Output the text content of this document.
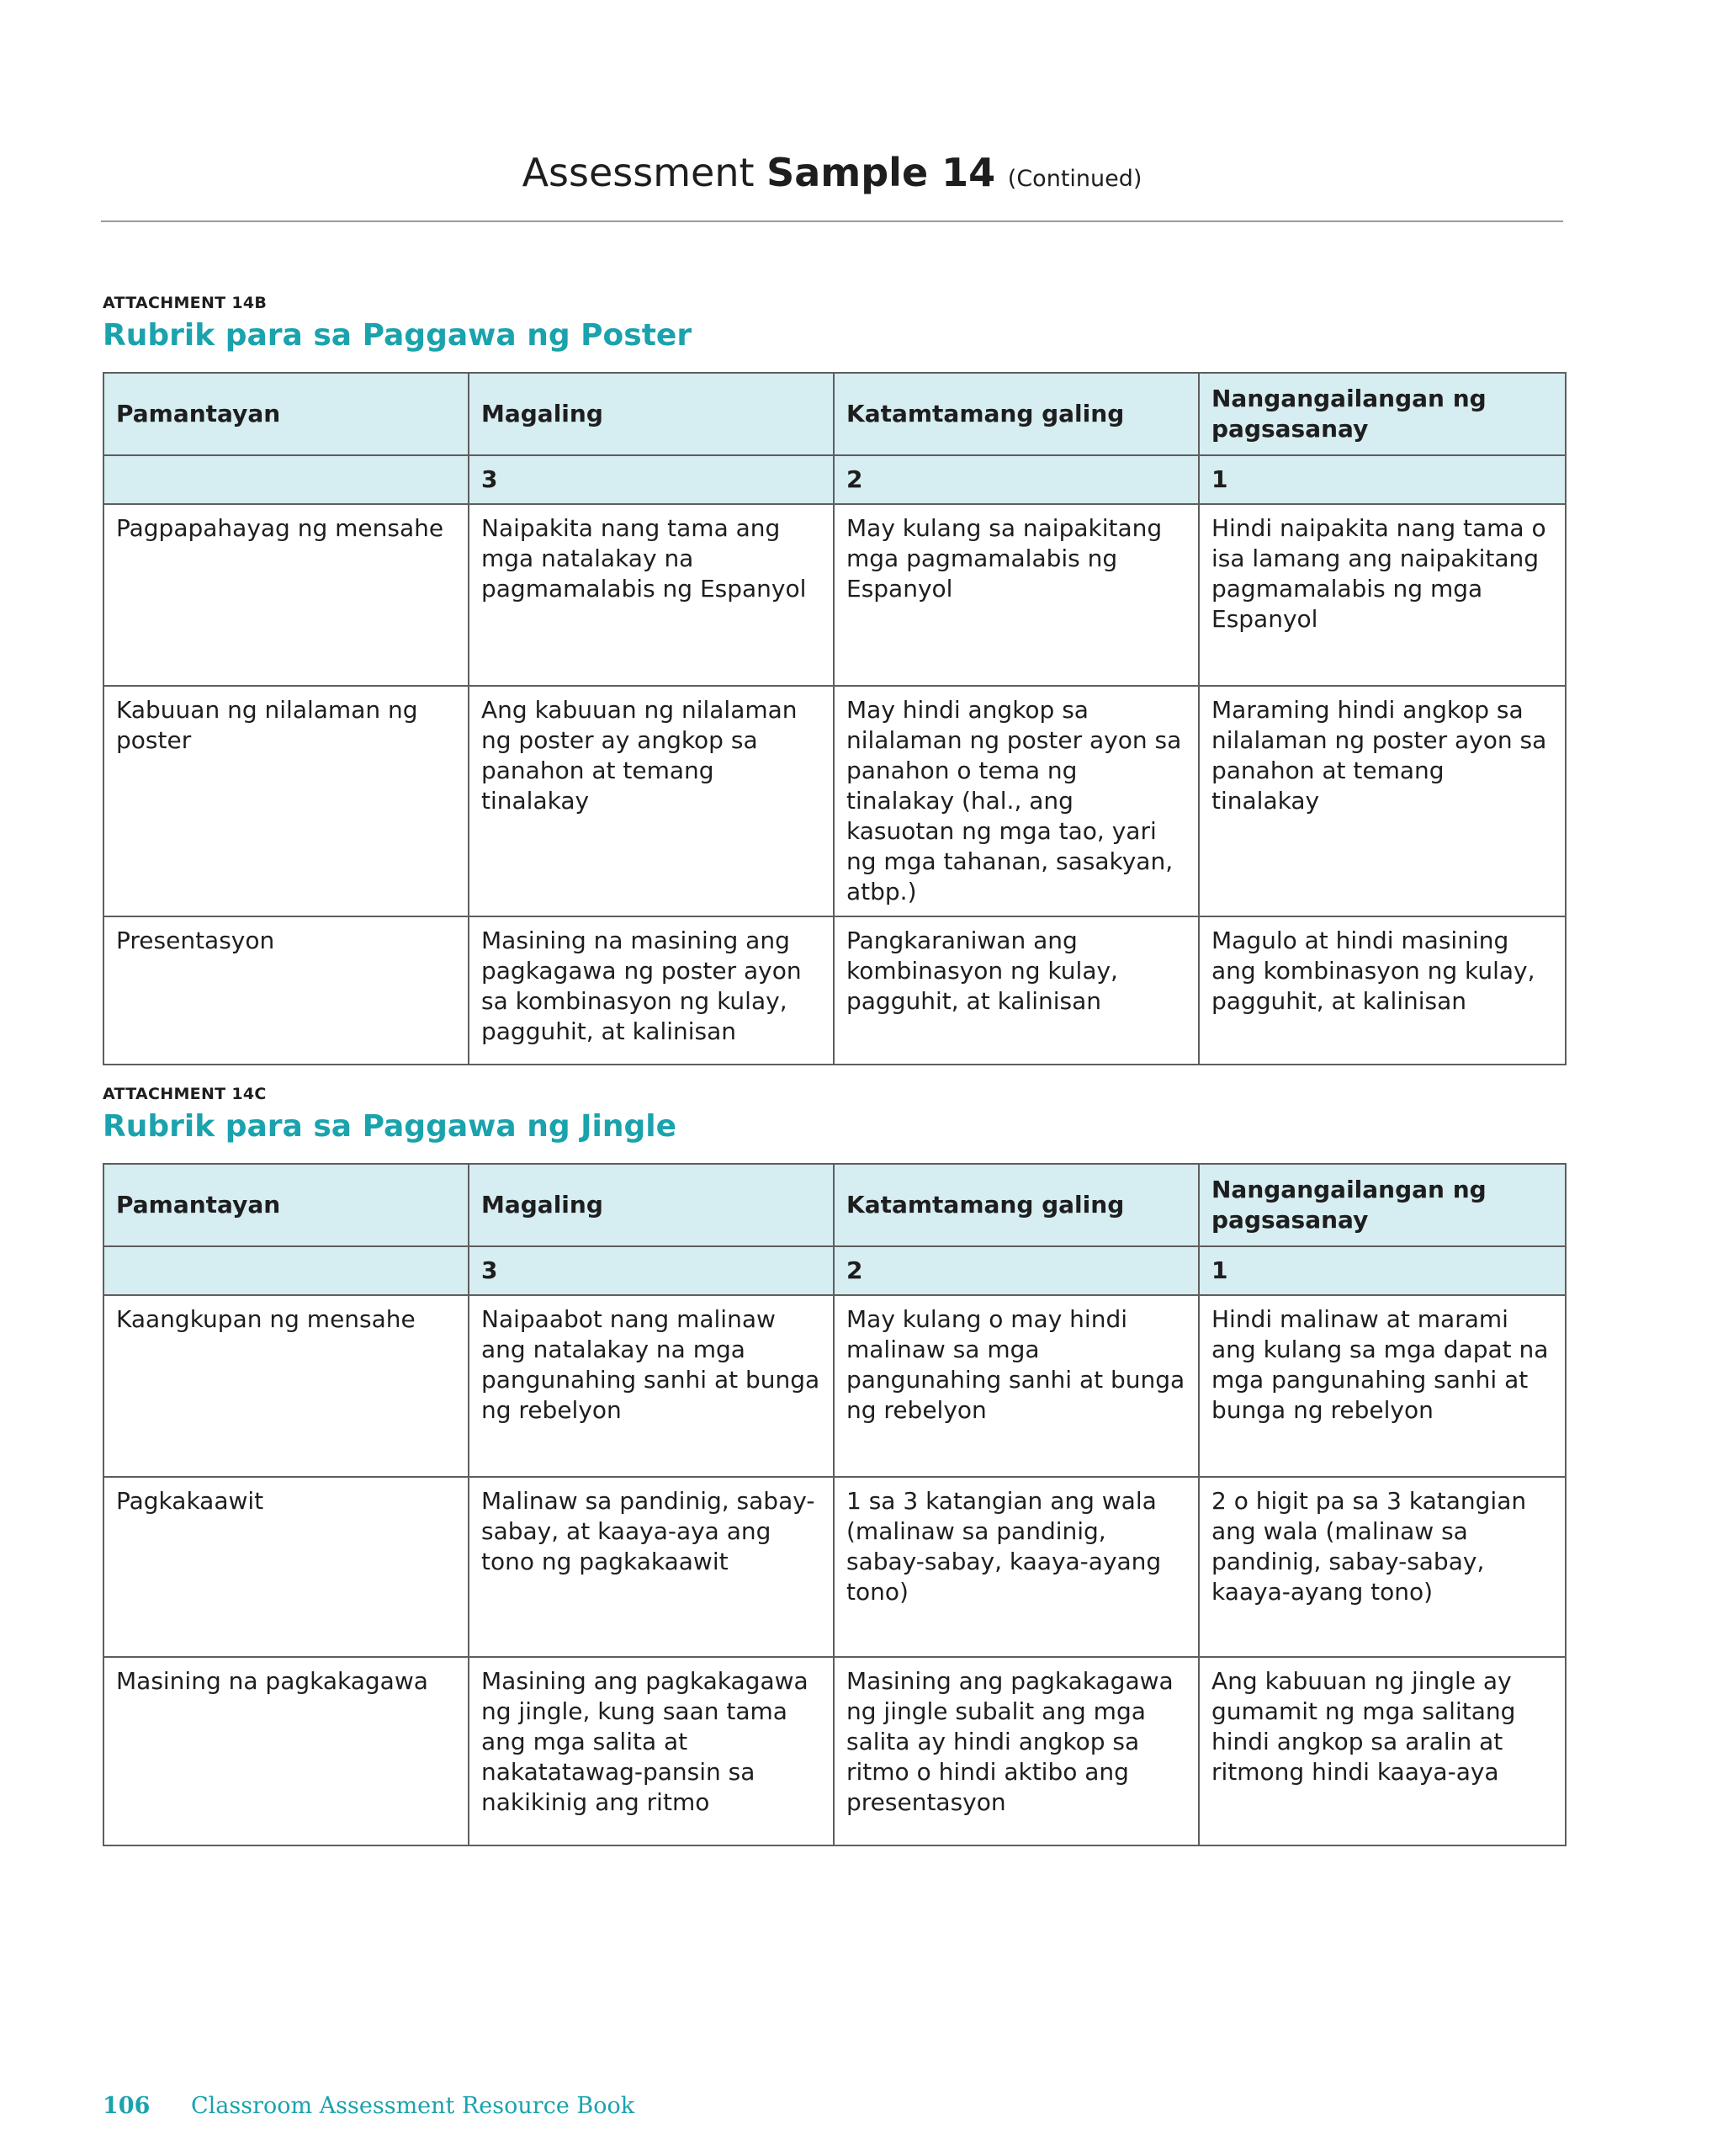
Assessment Sample 14 (Continued)
ATTACHMENT 14B
Rubrik para sa Paggawa ng Poster
Pamantayan	Magaling	Katamtamang galing	Nangangailangan ng pagsasanay
	3	2	1
Pagpapahayag ng mensahe	Naipakita nang tama ang mga natalakay na pagmamalabis ng Espanyol	May kulang sa naipakitang mga pagmamalabis ng Espanyol	Hindi naipakita nang tama o isa lamang ang naipakitang pagmamalabis ng mga Espanyol
Kabuuan ng nilalaman ng poster	Ang kabuuan ng nilalaman ng poster ay angkop sa panahon at temang tinalakay	May hindi angkop sa nilalaman ng poster ayon sa panahon o tema ng tinalakay (hal., ang kasuotan ng mga tao, yari ng mga tahanan, sasakyan, atbp.)	Maraming hindi angkop sa nilalaman ng poster ayon sa panahon at temang tinalakay
Presentasyon	Masining na masining ang pagkagawa ng poster ayon sa kombinasyon ng kulay, pagguhit, at kalinisan	Pangkaraniwan ang kombinasyon ng kulay, pagguhit, at kalinisan	Magulo at hindi masining ang kombinasyon ng kulay, pagguhit, at kalinisan
ATTACHMENT 14C
Rubrik para sa Paggawa ng Jingle
Pamantayan	Magaling	Katamtamang galing	Nangangailangan ng pagsasanay
	3	2	1
Kaangkupan ng mensahe	Naipaabot nang malinaw ang natalakay na mga pangunahing sanhi at bunga ng rebelyon	May kulang o may hindi malinaw sa mga pangunahing sanhi at bunga ng rebelyon	Hindi malinaw at marami ang kulang sa mga dapat na mga pangunahing sanhi at bunga ng rebelyon
Pagkakaawit	Malinaw sa pandinig, sabay-sabay, at kaaya-aya ang tono ng pagkakaawit	1 sa 3 katangian ang wala (malinaw sa pandinig, sabay-sabay, kaaya-ayang tono)	2 o higit pa sa 3 katangian ang wala (malinaw sa pandinig, sabay-sabay, kaaya-ayang tono)
Masining na pagkakagawa	Masining ang pagkakagawa ng jingle, kung saan tama ang mga salita at nakatatawag-pansin sa nakikinig ang ritmo	Masining ang pagkakagawa ng jingle subalit ang mga salita ay hindi angkop sa ritmo o hindi aktibo ang presentasyon	Ang kabuuan ng jingle ay gumamit ng mga salitang hindi angkop sa aralin at ritmong hindi kaaya-aya
106 Classroom Assessment Resource Book
